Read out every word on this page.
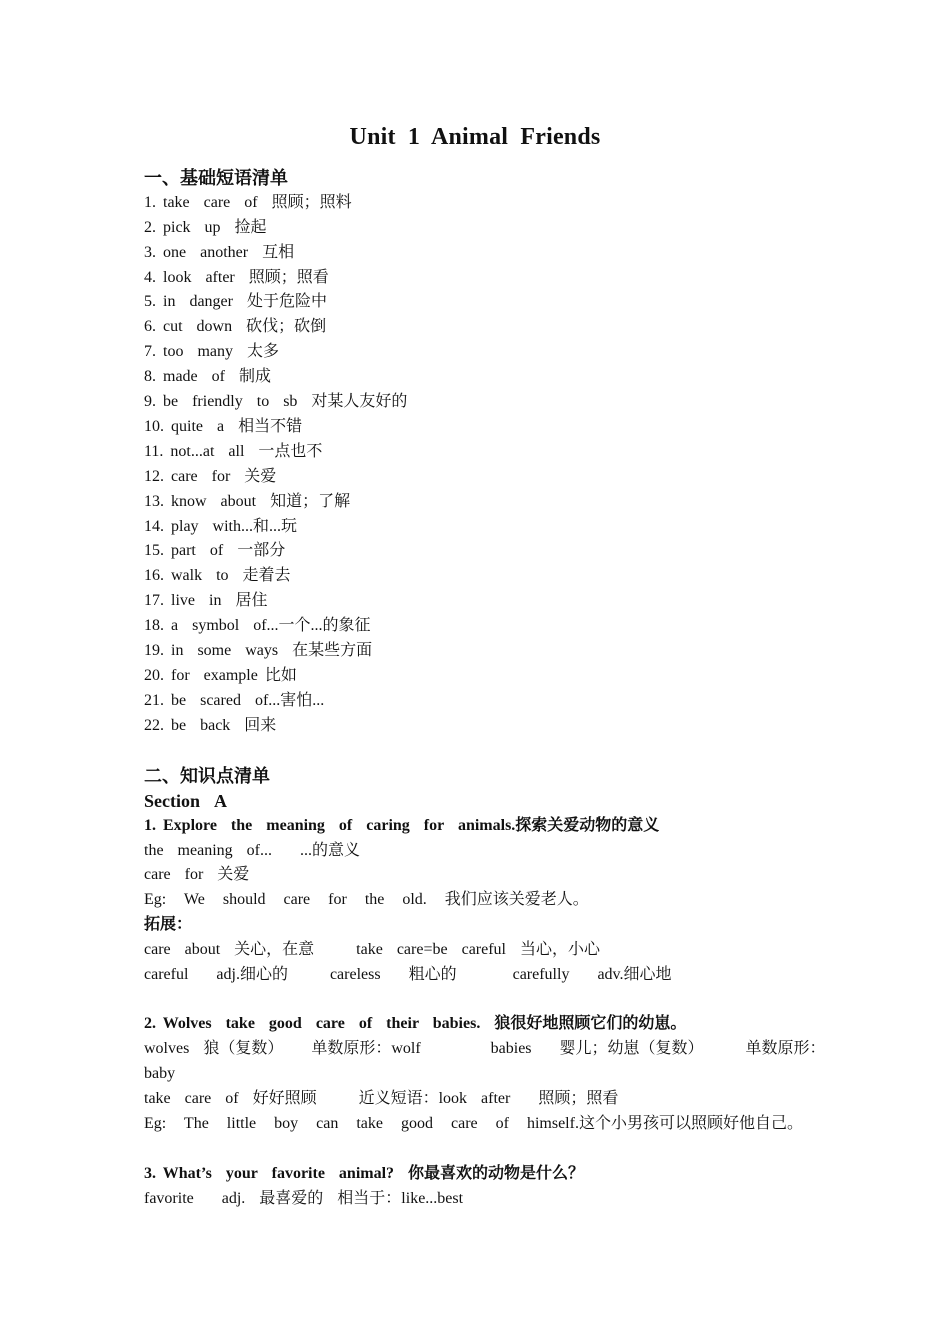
Unit 1 Animal Friends
一、基础短语清单
1. take  care  of  照顾；照料
2. pick  up  捡起
3. one  another  互相
4. look  after  照顾；照看
5. in  danger  处于危险中
6. cut  down  砍伐；砍倒
7. too  many  太多
8. made  of  制成
9. be  friendly  to  sb  对某人友好的
10. quite  a  相当不错
11. not...at  all  一点也不
12. care  for  关爱
13. know  about  知道；了解
14. play  with...和...玩
15. part  of  一部分
16. walk  to  走着去
17. live  in  居住
18. a  symbol  of...一个...的象征
19. in  some  ways  在某些方面
20. for  example 比如
21. be  scared  of...害怕...
22. be  back  回来
二、知识点清单
Section  A
1. Explore  the  meaning  of  caring  for  animals.探索关爱动物的意义
the  meaning  of...    ...的意义
care  for  关爱
Eg:  We  should  care  for  the  old.  我们应该关爱老人。
拓展：
care  about  关心，在意      take  care=be  careful  当心，小心
careful    adj.细心的      careless    粗心的        carefully    adv.细心地
2. Wolves  take  good  care  of  their  babies.  狼很好地照顾它们的幼崽。
wolves  狼（复数）    单数原形：wolf          babies    婴儿；幼崽（复数）      单数原形：
baby
take  care  of  好好照顾      近义短语：look  after    照顾；照看
Eg:  The  little  boy  can  take  good  care  of  himself.这个小男孩可以照顾好他自己。
3. What’s  your  favorite  animal?  你最喜欢的动物是什么？
favorite    adj.  最喜爱的  相当于：like...best
